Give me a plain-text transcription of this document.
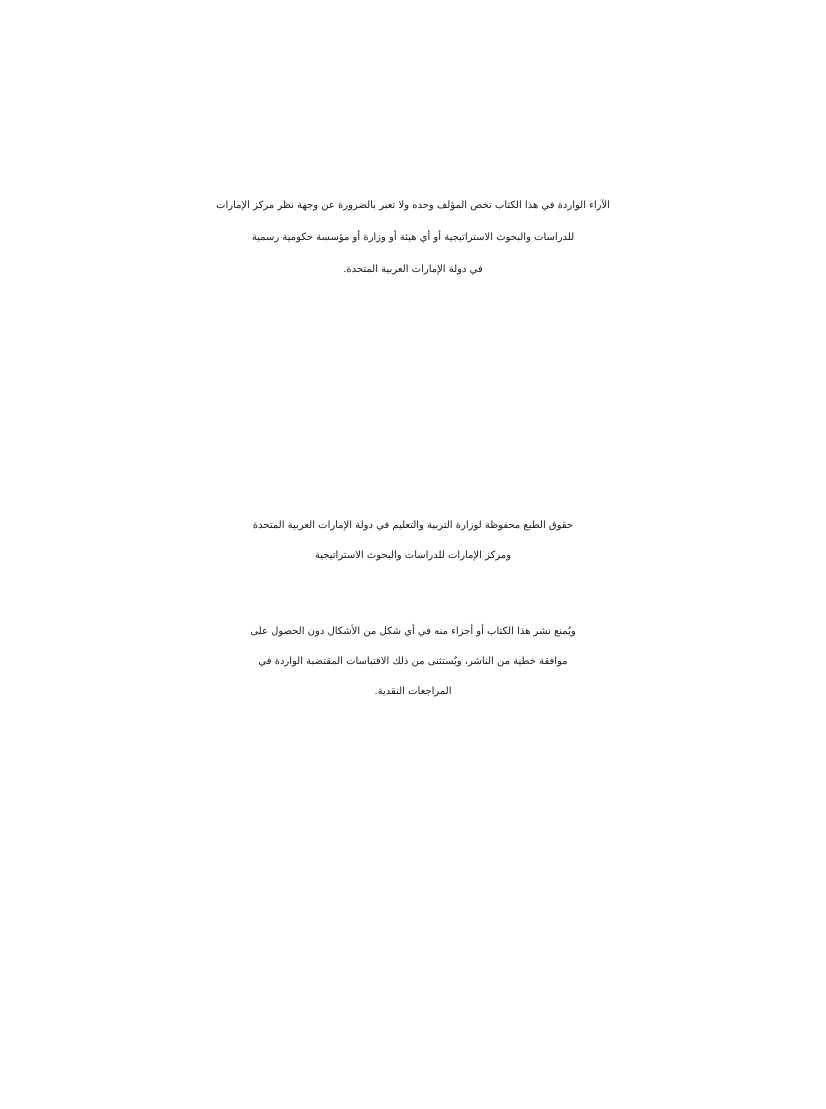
الآراء الواردة في هذا الكتاب تخص المؤلف وحده ولا تعبر بالضرورة عن وجهة نظر مركز الإمارات
للدراسات والبحوث الاستراتيجية أو أي هيئة أو وزارة أو مؤسسة حكومية رسمية
في دولة الإمارات العربية المتحدة.
حقوق الطبع محفوظة لوزارة التربية والتعليم في دولة الإمارات العربية المتحدة
ومركز الإمارات للدراسات والبحوث الاستراتيجية
ويُمنع نشر هذا الكتاب أو أجزاء منه في أي شكل من الأشكال دون الحصول على
موافقة خطية من الناشر، ويُستثنى من ذلك الاقتباسات المقتضبة الواردة في
المراجعات النقدية.
